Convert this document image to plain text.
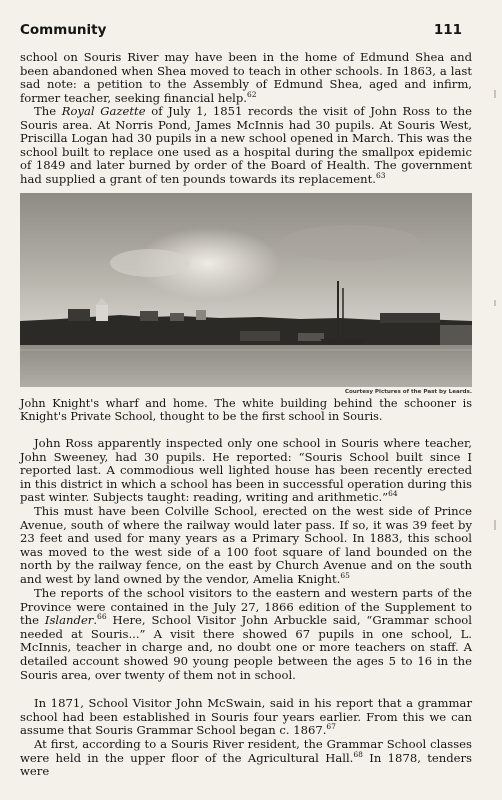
Community	111

school on Souris River may have been in the home of Edmund Shea and been abandoned when Shea moved to teach in other schools. In 1863, a last sad note: a petition to the Assembly of Edmund Shea, aged and infirm, former teacher, seeking financial help.$^{62}$

The Royal Gazette of July 1, 1851 records the visit of John Ross to the Souris area. At Norris Pond, James McInnis had 30 pupils. At Souris West, Priscilla Logan had 30 pupils in a new school opened in March. This was the school built to replace one used as a hospital during the smallpox epidemic of 1849 and later burned by order of the Board of Health. The government had supplied a grant of ten pounds towards its replacement.$^{63}$

Courtesy Pictures of the Past by Leards.
John Knight's wharf and home. The white building behind the schooner is Knight's Private School, thought to be the first school in Souris.

John Ross apparently inspected only one school in Souris where teacher, John Sweeney, had 30 pupils. He reported: “Souris School built since I reported last. A commodious well lighted house has been recently erected in this district in which a school has been in successful operation during this past winter. Subjects taught: reading, writing and arithmetic.”$^{64}$

This must have been Colville School, erected on the west side of Prince Avenue, south of where the railway would later pass. If so, it was 39 feet by 23 feet and used for many years as a Primary School. In 1883, this school was moved to the west side of a 100 foot square of land bounded on the north by the railway fence, on the east by Church Avenue and on the south and west by land owned by the vendor, Amelia Knight.$^{65}$

The reports of the school visitors to the eastern and western parts of the Province were contained in the July 27, 1866 edition of the Supplement to the Islander.$^{66}$ Here, School Visitor John Arbuckle said, “Grammar school needed at Souris...” A visit there showed 67 pupils in one school, L. McInnis, teacher in charge and, no doubt one or more teachers on staff. A detailed account showed 90 young people between the ages 5 to 16 in the Souris area, over twenty of them not in school.

In 1871, School Visitor John McSwain, said in his report that a grammar school had been established in Souris four years earlier. From this we can assume that Souris Grammar School began c. 1867.67

At first, according to a Souris River resident, the Grammar School classes were held in the upper floor of the Agricultural Hall.$^{68}$ In 1878, tenders were
